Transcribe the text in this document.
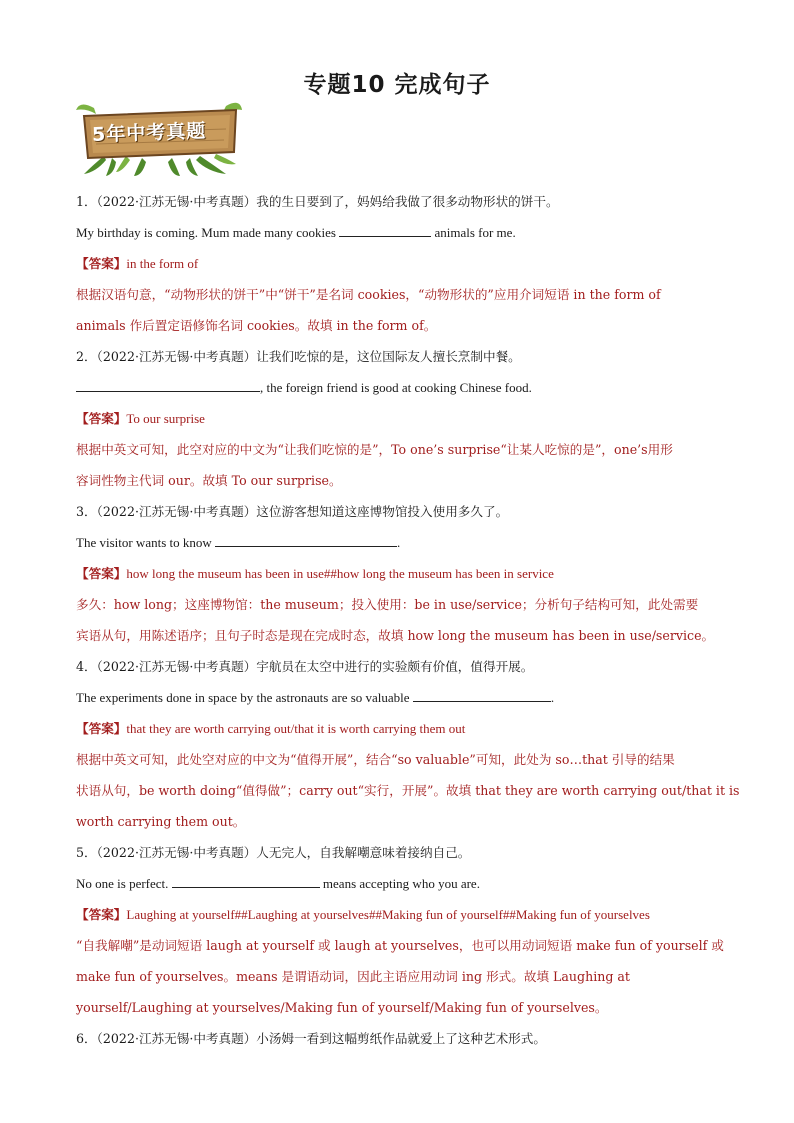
专题10 完成句子
5年中考真题
1．（2022·江苏无锡·中考真题）我的生日要到了，妈妈给我做了很多动物形状的饼干。
My birthday is coming. Mum made many cookies	animals for me.
【答案】in the form of
根据汉语句意，“动物形状的饼干”中“饼干”是名词 cookies，“动物形状的”应用介词短语 in the form of
animals 作后置定语修饰名词 cookies。故填 in the form of。
2．（2022·江苏无锡·中考真题）让我们吃惊的是，这位国际友人擅长烹制中餐。
, the foreign friend is good at cooking Chinese food.
【答案】To our surprise
根据中英文可知，此空对应的中文为“让我们吃惊的是”，To one’s surprise“让某人吃惊的是”，one’s用形
容词性物主代词 our。故填 To our surprise。
3．（2022·江苏无锡·中考真题）这位游客想知道这座博物馆投入使用多久了。
The visitor wants to know	.
【答案】how long the museum has been in use##how long the museum has been in service
多久：how long；这座博物馆：the museum；投入使用：be in use/service；分析句子结构可知，此处需要
宾语从句，用陈述语序；且句子时态是现在完成时态，故填 how long the museum has been in use/service。
4．（2022·江苏无锡·中考真题）宇航员在太空中进行的实验颇有价值，值得开展。
The experiments done in space by the astronauts are so valuable	.
【答案】that they are worth carrying out/that it is worth carrying them out
根据中英文可知，此处空对应的中文为“值得开展”，结合“so valuable”可知，此处为 so…that 引导的结果
状语从句，be worth doing“值得做”；carry out“实行，开展”。故填 that they are worth carrying out/that it is
worth carrying them out。
5．（2022·江苏无锡·中考真题）人无完人，自我解嘲意味着接纳自己。
No one is perfect.	means accepting who you are.
【答案】Laughing at yourself##Laughing at yourselves##Making fun of yourself##Making fun of yourselves
“自我解嘲”是动词短语 laugh at yourself 或 laugh at yourselves，也可以用动词短语 make fun of yourself 或
make fun of yourselves。means 是谓语动词，因此主语应用动词 ing 形式。故填 Laughing at
yourself/Laughing at yourselves/Making fun of yourself/Making fun of yourselves。
6．（2022·江苏无锡·中考真题）小汤姆一看到这幅剪纸作品就爱上了这种艺术形式。
